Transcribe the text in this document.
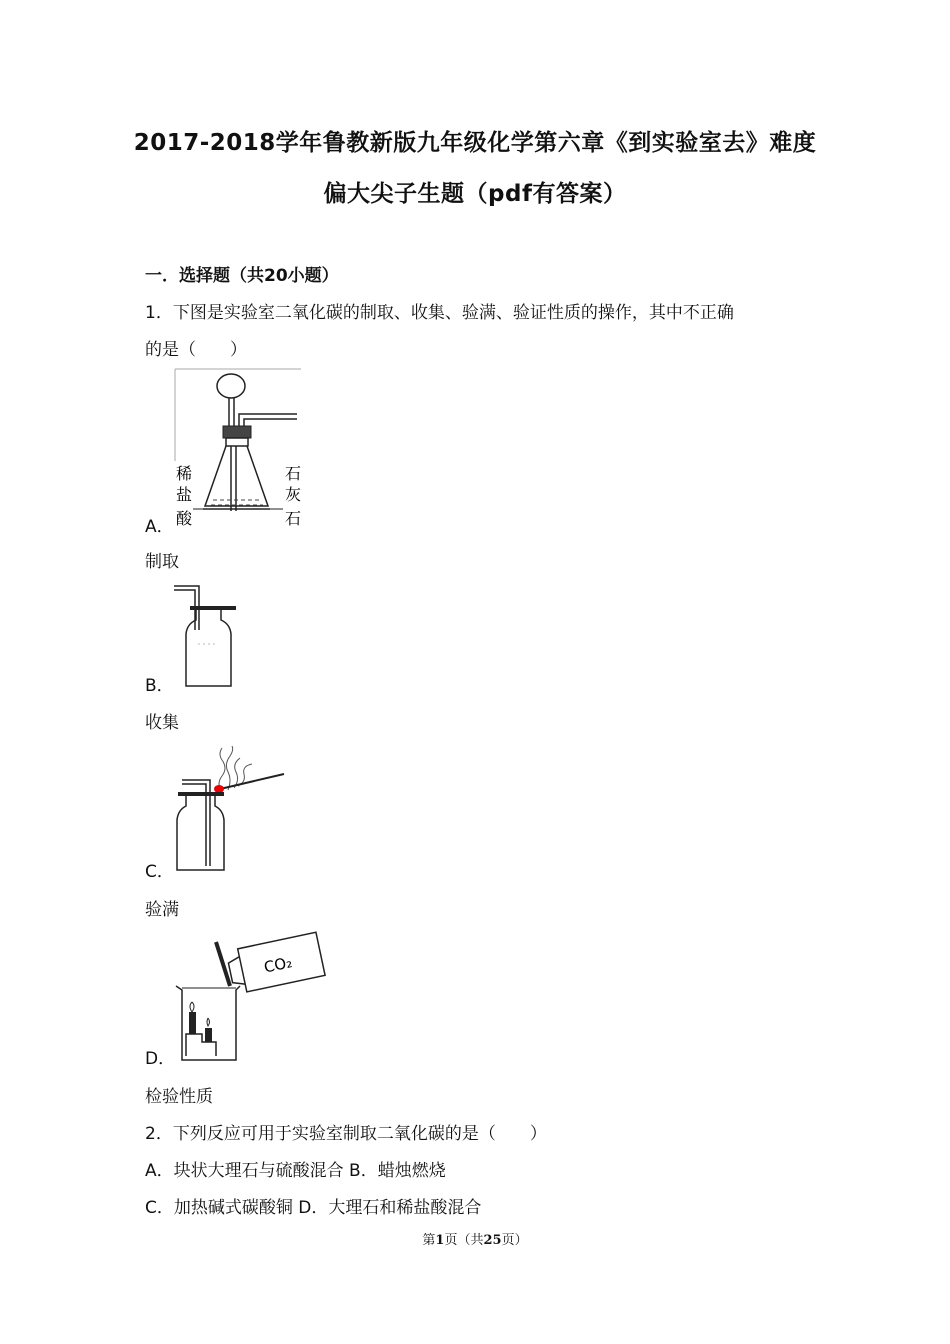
2017-2018学年鲁教新版九年级化学第六章《到实验室去》难度
偏大尖子生题（pdf有答案）
一．选择题（共20小题）
1．下图是实验室二氧化碳的制取、收集、验满、验证性质的操作，其中不正确
的是（　　）
A．
稀
盐
酸
石
灰
石
制取
B．
收集
C．
验满
D．
CO₂
检验性质
2．下列反应可用于实验室制取二氧化碳的是（　　）
A．块状大理石与硫酸混合 B．蜡烛燃烧
C．加热碱式碳酸铜 D．大理石和稀盐酸混合
第1页（共25页）
